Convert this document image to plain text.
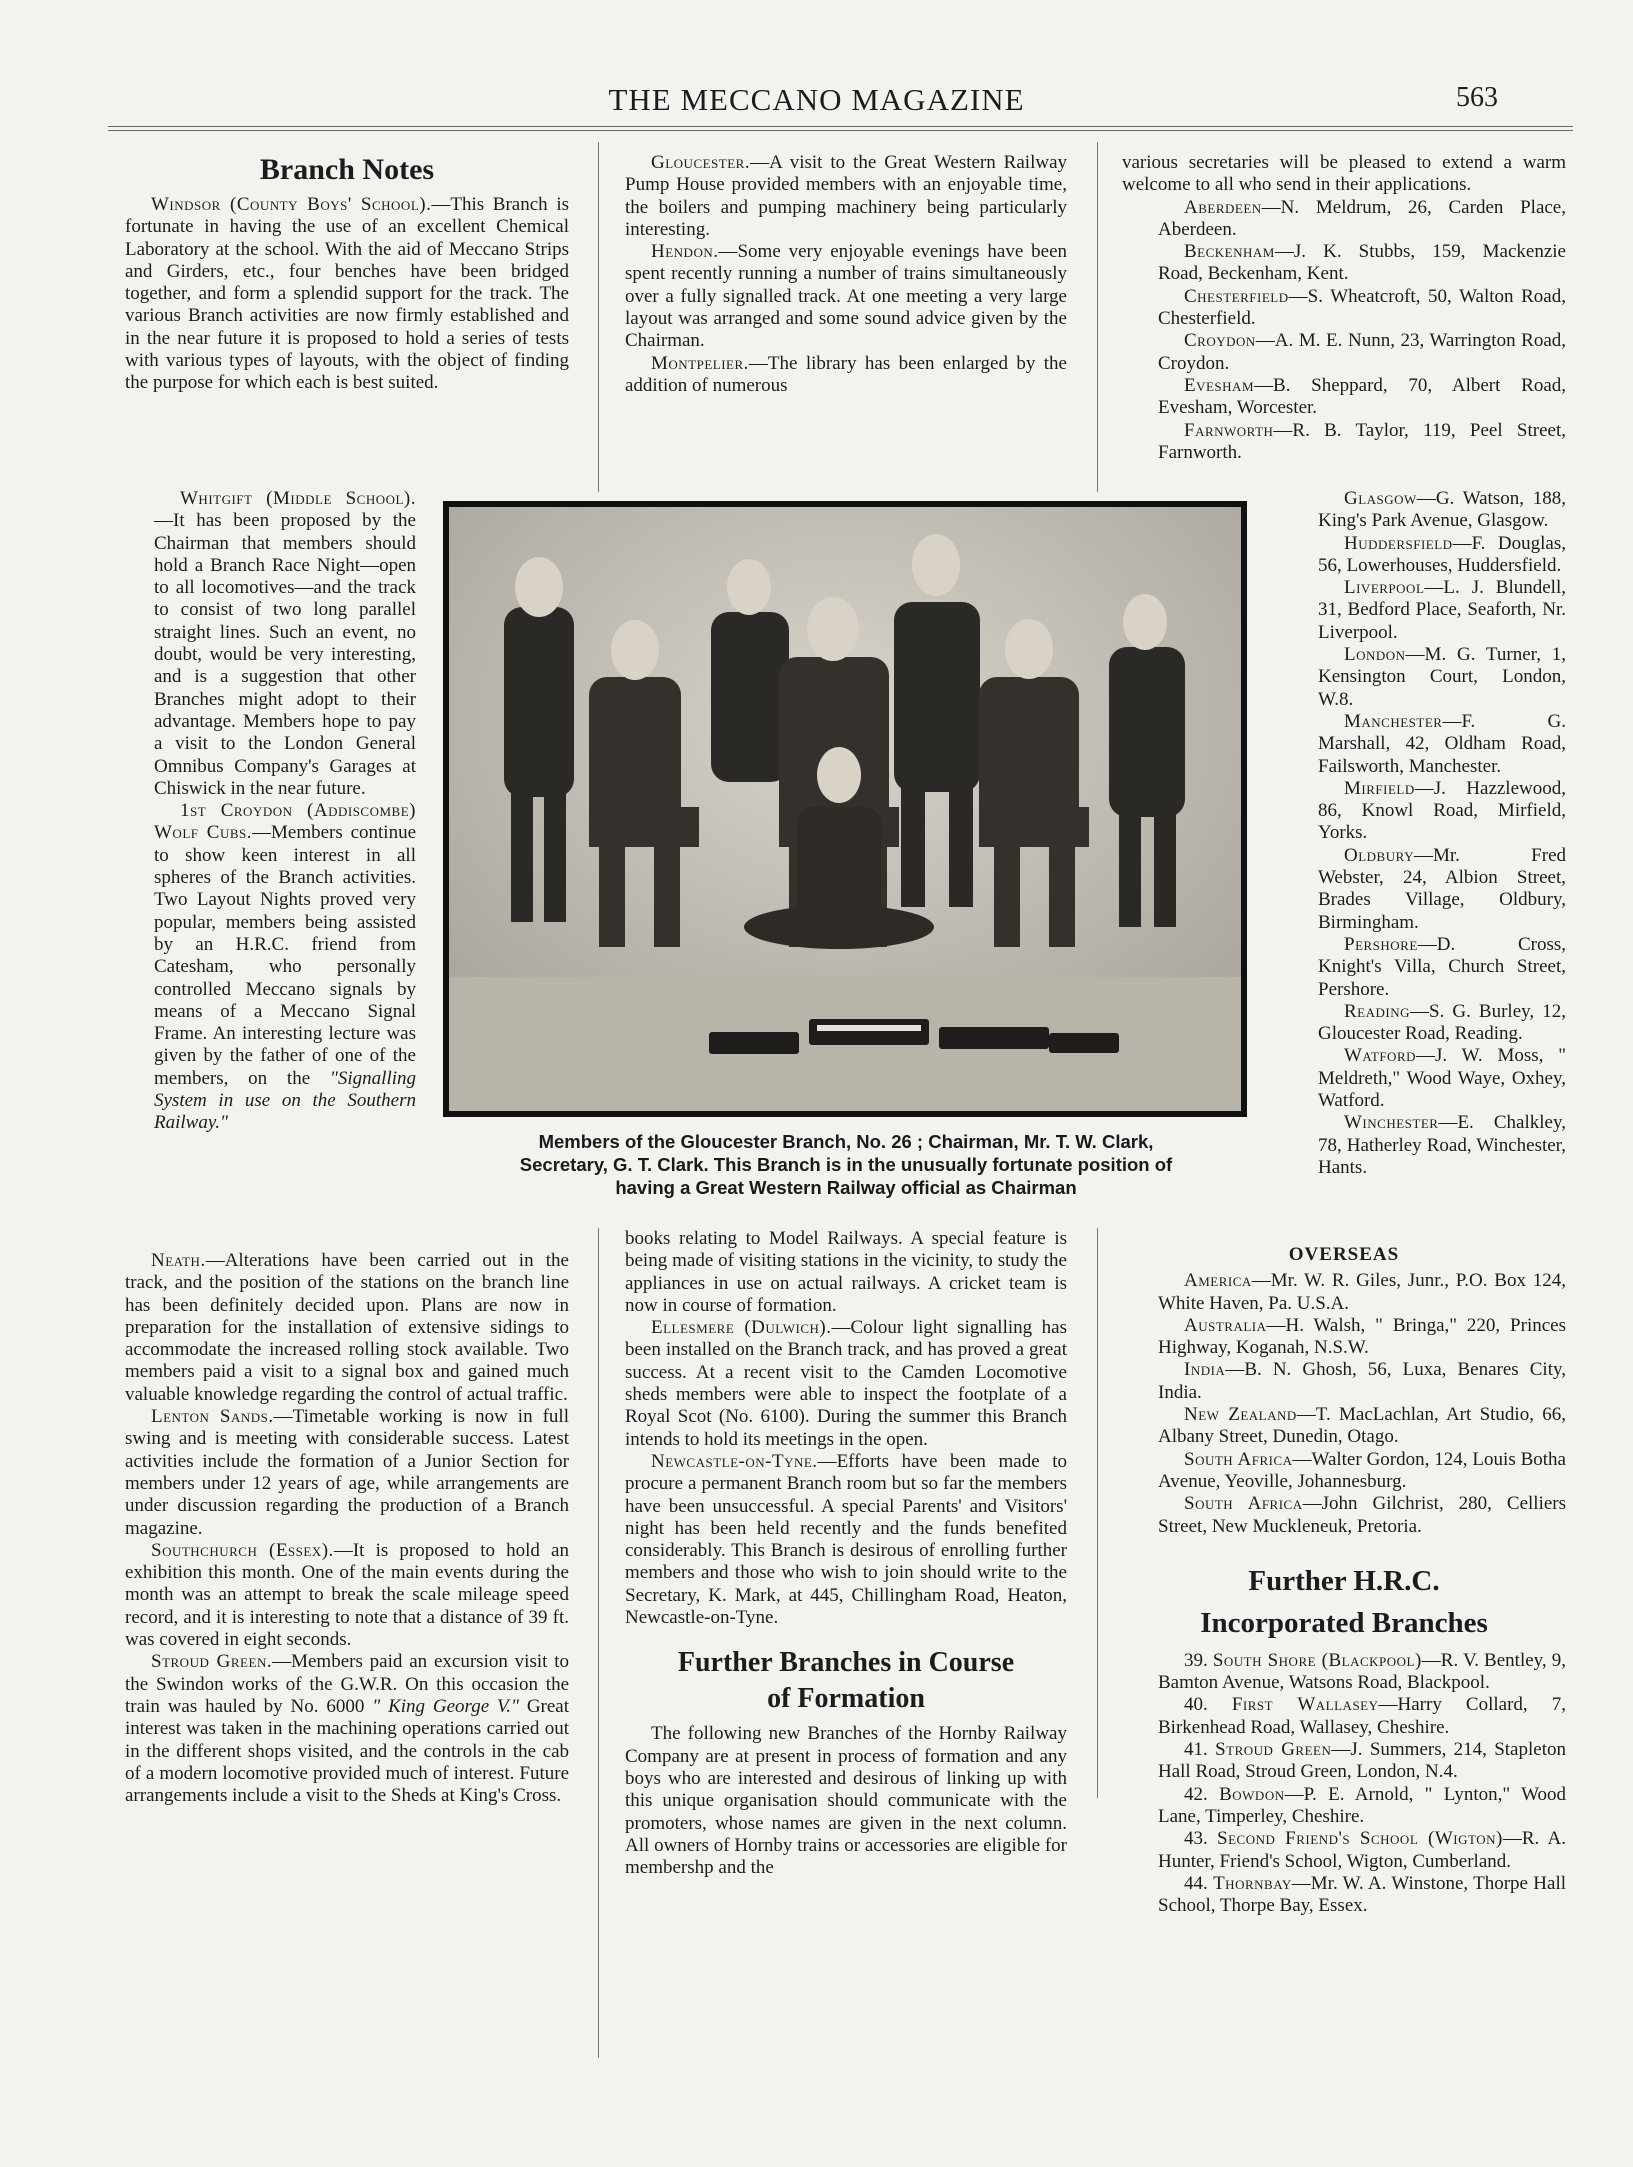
THE MECCANO MAGAZINE	563
Branch Notes

Windsor (County Boys' School).—This Branch is fortunate in having the use of an excellent Chemical Laboratory at the school. With the aid of Meccano Strips and Girders, etc., four benches have been bridged together, and form a splendid support for the track. The various Branch activities are now firmly established and in the near future it is proposed to hold a series of tests with various types of layouts, with the object of finding the purpose for which each is best suited.

Whitgift (Middle School).—It has been proposed by the Chairman that members should hold a Branch Race Night—open to all locomotives—and the track to consist of two long parallel straight lines. Such an event, no doubt, would be very interesting, and is a suggestion that other Branches might adopt to their advantage. Members hope to pay a visit to the London General Omnibus Company's Garages at Chiswick in the near future.

1st Croydon (Addiscombe) Wolf Cubs.—Members continue to show keen interest in all spheres of the Branch activities. Two Layout Nights proved very popular, members being assisted by an H.R.C. friend from Catesham, who personally controlled Meccano signals by means of a Meccano Signal Frame. An interesting lecture was given by the father of one of the members, on the "Signalling System in use on the Southern Railway."

Neath.—Alterations have been carried out in the track, and the position of the stations on the branch line has been definitely decided upon. Plans are now in preparation for the installation of extensive sidings to accommodate the increased rolling stock available. Two members paid a visit to a signal box and gained much valuable knowledge regarding the control of actual traffic.

Lenton Sands.—Timetable working is now in full swing and is meeting with considerable success. Latest activities include the formation of a Junior Section for members under 12 years of age, while arrangements are under discussion regarding the production of a Branch magazine.

Southchurch (Essex).—It is proposed to hold an exhibition this month. One of the main events during the month was an attempt to break the scale mileage speed record, and it is interesting to note that a distance of 39 ft. was covered in eight seconds.

Stroud Green.—Members paid an excursion visit to the Swindon works of the G.W.R. On this occasion the train was hauled by No. 6000 " King George V." Great interest was taken in the machining operations carried out in the different shops visited, and the controls in the cab of a modern locomotive provided much of interest. Future arrangements include a visit to the Sheds at King's Cross.

Gloucester.—A visit to the Great Western Railway Pump House provided members with an enjoyable time, the boilers and pumping machinery being particularly interesting.

Hendon.—Some very enjoyable evenings have been spent recently running a number of trains simultaneously over a fully signalled track. At one meeting a very large layout was arranged and some sound advice given by the Chairman.

Montpelier.—The library has been enlarged by the addition of numerous

books relating to Model Railways. A special feature is being made of visiting stations in the vicinity, to study the appliances in use on actual railways. A cricket team is now in course of formation.

Ellesmere (Dulwich).—Colour light signalling has been installed on the Branch track, and has proved a great success. At a recent visit to the Camden Locomotive sheds members were able to inspect the footplate of a Royal Scot (No. 6100). During the summer this Branch intends to hold its meetings in the open.

Newcastle-on-Tyne.—Efforts have been made to procure a permanent Branch room but so far the members have been unsuccessful. A special Parents' and Visitors' night has been held recently and the funds benefited considerably. This Branch is desirous of enrolling further members and those who wish to join should write to the Secretary, K. Mark, at 445, Chillingham Road, Heaton, Newcastle-on-Tyne.

Further Branches in Course
of Formation

The following new Branches of the Hornby Railway Company are at present in process of formation and any boys who are interested and desirous of linking up with this unique organisation should communicate with the promoters, whose names are given in the next column. All owners of Hornby trains or accessories are eligible for membershp and the

various secretaries will be pleased to extend a warm welcome to all who send in their applications.

Aberdeen—N. Meldrum, 26, Carden Place, Aberdeen.

Beckenham—J. K. Stubbs, 159, Mackenzie Road, Beckenham, Kent.

Chesterfield—S. Wheatcroft, 50, Walton Road, Chesterfield.

Croydon—A. M. E. Nunn, 23, Warrington Road, Croydon.

Evesham—B. Sheppard, 70, Albert Road, Evesham, Worcester.

Farnworth—R. B. Taylor, 119, Peel Street, Farnworth.

Glasgow—G. Watson, 188, King's Park Avenue, Glasgow.

Huddersfield—F. Douglas, 56, Lowerhouses, Huddersfield.

Liverpool—L. J. Blundell, 31, Bedford Place, Seaforth, Nr. Liverpool.

London—M. G. Turner, 1, Kensington Court, London, W.8.

Manchester—F. G. Marshall, 42, Oldham Road, Failsworth, Manchester.

Mirfield—J. Hazzlewood, 86, Knowl Road, Mirfield, Yorks.

Oldbury—Mr. Fred Webster, 24, Albion Street, Brades Village, Oldbury, Birmingham.

Pershore—D. Cross, Knight's Villa, Church Street, Pershore.

Reading—S. G. Burley, 12, Gloucester Road, Reading.

Watford—J. W. Moss, " Meldreth," Wood Waye, Oxhey, Watford.

Winchester—E. Chalkley, 78, Hatherley Road, Winchester, Hants.

OVERSEAS

America—Mr. W. R. Giles, Junr., P.O. Box 124, White Haven, Pa. U.S.A.

Australia—H. Walsh, " Bringa," 220, Princes Highway, Koganah, N.S.W.

India—B. N. Ghosh, 56, Luxa, Benares City, India.

New Zealand—T. MacLachlan, Art Studio, 66, Albany Street, Dunedin, Otago.

South Africa—Walter Gordon, 124, Louis Botha Avenue, Yeoville, Johannesburg.

South Africa—John Gilchrist, 280, Celliers Street, New Muckleneuk, Pretoria.

Further H.R.C.
Incorporated Branches

39. South Shore (Blackpool)—R. V. Bentley, 9, Bamton Avenue, Watsons Road, Blackpool.

40. First Wallasey—Harry Collard, 7, Birkenhead Road, Wallasey, Cheshire.

41. Stroud Green—J. Summers, 214, Stapleton Hall Road, Stroud Green, London, N.4.

42. Bowdon—P. E. Arnold, " Lynton," Wood Lane, Timperley, Cheshire.

43. Second Friend's School (Wigton)—R. A. Hunter, Friend's School, Wigton, Cumberland.

44. Thornbay—Mr. W. A. Winstone, Thorpe Hall School, Thorpe Bay, Essex.

Members of the Gloucester Branch, No. 26 ; Chairman, Mr. T. W. Clark,
Secretary, G. T. Clark. This Branch is in the unusually fortunate position of
having a Great Western Railway official as Chairman
